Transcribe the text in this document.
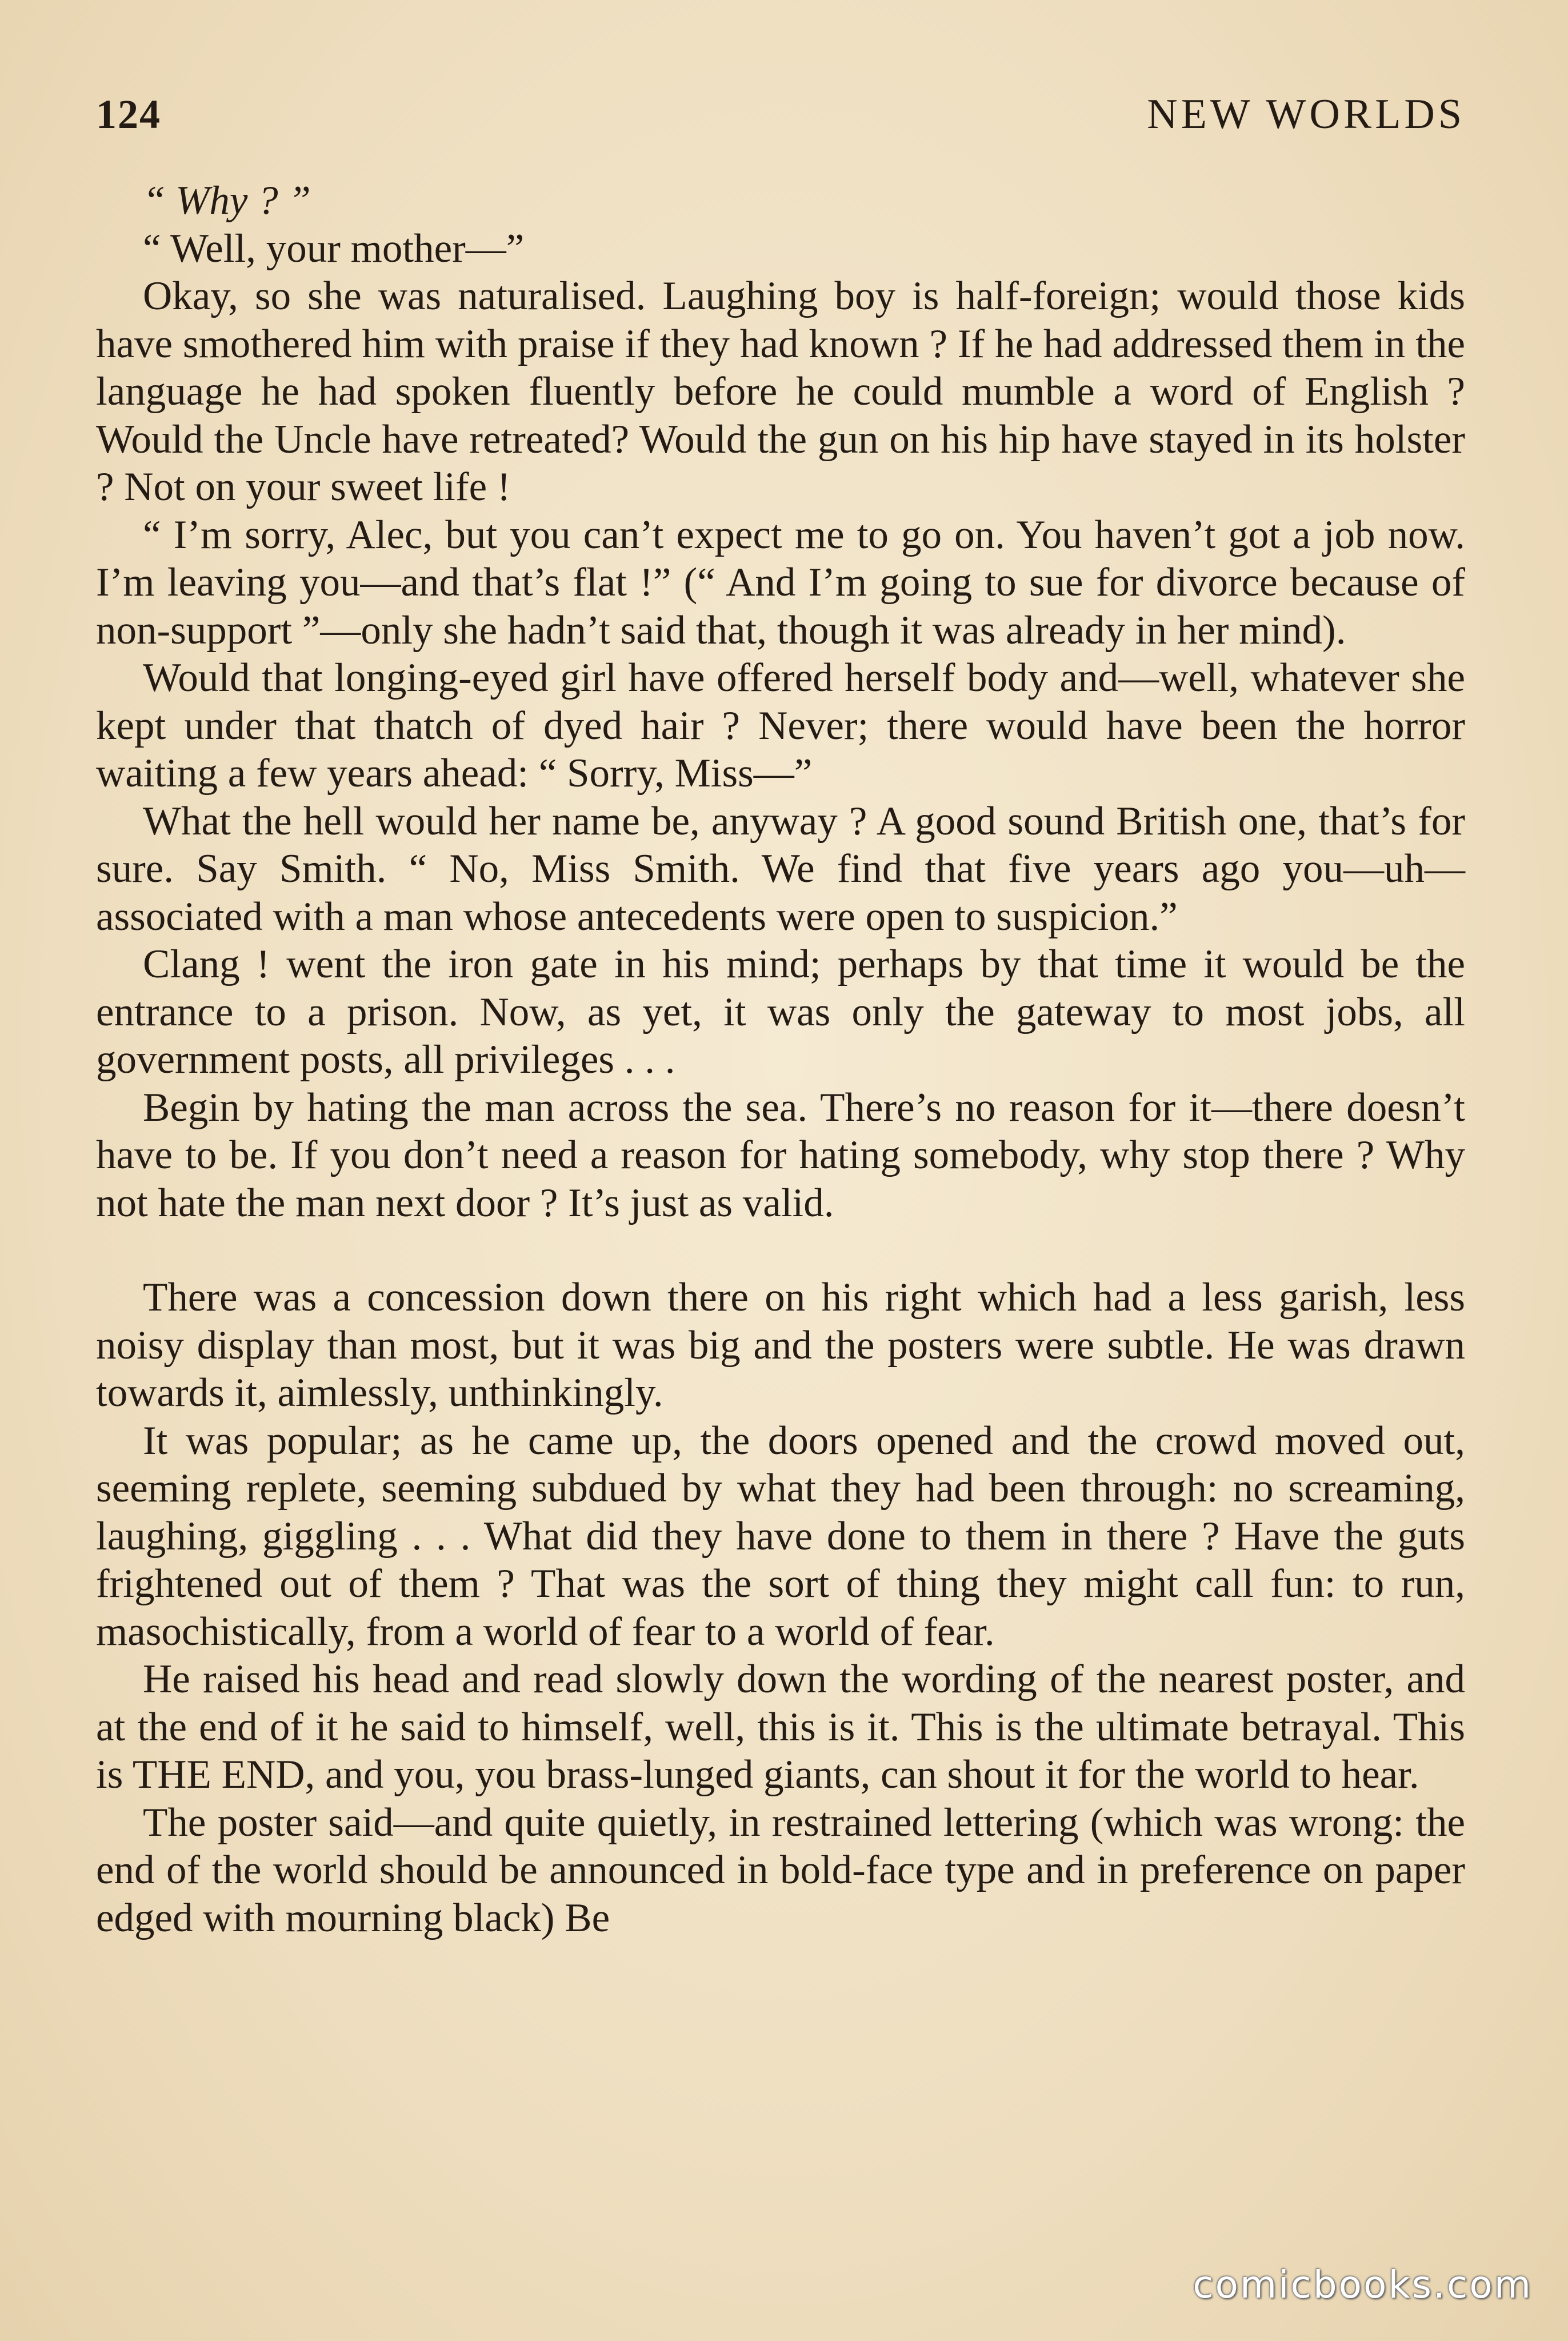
124	NEW WORLDS

“ Why ? ”

“ Well, your mother—”

Okay, so she was naturalised. Laughing boy is half-foreign; would those kids have smothered him with praise if they had known ? If he had addressed them in the language he had spoken fluently before he could mumble a word of English ? Would the Uncle have retreated? Would the gun on his hip have stayed in its holster ? Not on your sweet life !

“ I’m sorry, Alec, but you can’t expect me to go on. You haven’t got a job now. I’m leaving you—and that’s flat !” (“ And I’m going to sue for divorce because of non-support ”—only she hadn’t said that, though it was already in her mind).

Would that longing-eyed girl have offered herself body and—well, whatever she kept under that thatch of dyed hair ? Never; there would have been the horror waiting a few years ahead: “ Sorry, Miss—”

What the hell would her name be, anyway ? A good sound British one, that’s for sure. Say Smith. “ No, Miss Smith. We find that five years ago you—uh—associated with a man whose antecedents were open to suspicion.”

Clang ! went the iron gate in his mind; perhaps by that time it would be the entrance to a prison. Now, as yet, it was only the gateway to most jobs, all government posts, all privileges . . .

Begin by hating the man across the sea. There’s no reason for it—there doesn’t have to be. If you don’t need a reason for hating somebody, why stop there ? Why not hate the man next door ? It’s just as valid.

There was a concession down there on his right which had a less garish, less noisy display than most, but it was big and the posters were subtle. He was drawn towards it, aimlessly, unthinkingly.

It was popular; as he came up, the doors opened and the crowd moved out, seeming replete, seeming subdued by what they had been through: no screaming, laughing, giggling . . . What did they have done to them in there ? Have the guts frightened out of them ? That was the sort of thing they might call fun: to run, masochistically, from a world of fear to a world of fear.

He raised his head and read slowly down the wording of the nearest poster, and at the end of it he said to himself, well, this is it. This is the ultimate betrayal. This is THE END, and you, you brass-lunged giants, can shout it for the world to hear.

The poster said—and quite quietly, in restrained lettering (which was wrong: the end of the world should be announced in bold-face type and in preference on paper edged with mourning black) Be

comicbooks.com
